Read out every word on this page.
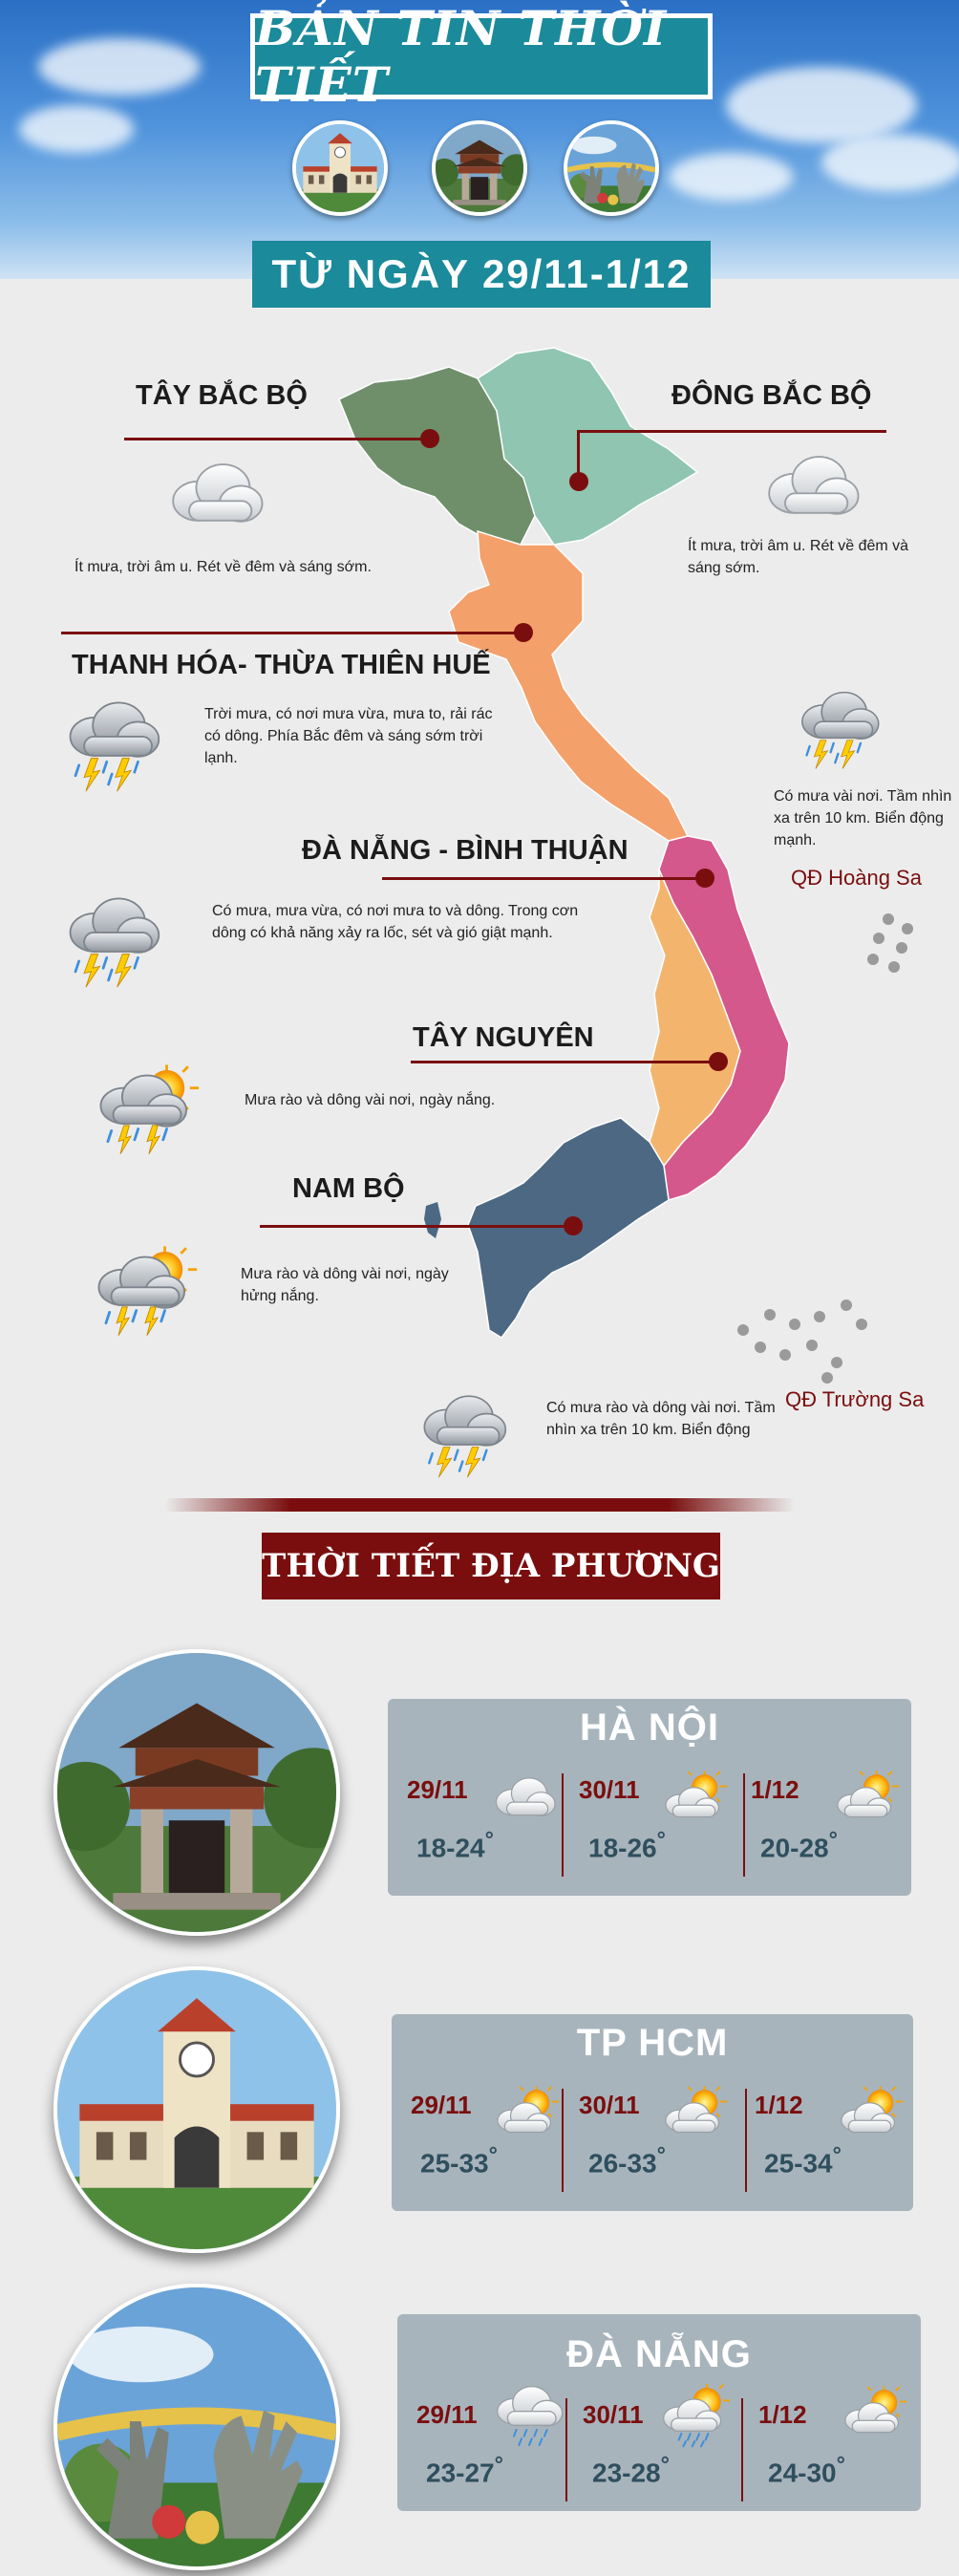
BẢN TIN THỜI TIẾT
TỪ NGÀY 29/11-1/12
TÂY BẮC BỘ
Ít mưa, trời âm u. Rét về đêm và sáng sớm.
ĐÔNG BẮC BỘ
Ít mưa, trời âm u. Rét về đêm và sáng sớm.
THANH HÓA- THỪA THIÊN HUẾ
Trời mưa, có nơi mưa vừa, mưa to, rải rác có dông. Phía Bắc đêm và sáng sớm trời lạnh.
Có mưa vài nơi. Tầm nhìn xa trên 10 km. Biển động mạnh.
QĐ Hoàng Sa
ĐÀ NẴNG - BÌNH THUẬN
Có mưa, mưa vừa, có nơi mưa to và dông. Trong cơn dông có khả năng xảy ra lốc, sét và gió giật mạnh.
TÂY NGUYÊN
Mưa rào và dông vài nơi, ngày nắng.
NAM BỘ
Mưa rào và dông vài nơi, ngày hửng nắng.
QĐ Trường Sa
Có mưa rào và dông vài nơi. Tầm nhìn xa trên 10 km. Biển động
THỜI TIẾT ĐỊA PHƯƠNG
HÀ NỘI
29/11
18-24°
30/11
18-26°
1/12
20-28°
TP HCM
29/11
25-33°
30/11
26-33°
1/12
25-34°
ĐÀ NẴNG
29/11
23-27°
30/11
23-28°
1/12
24-30°
